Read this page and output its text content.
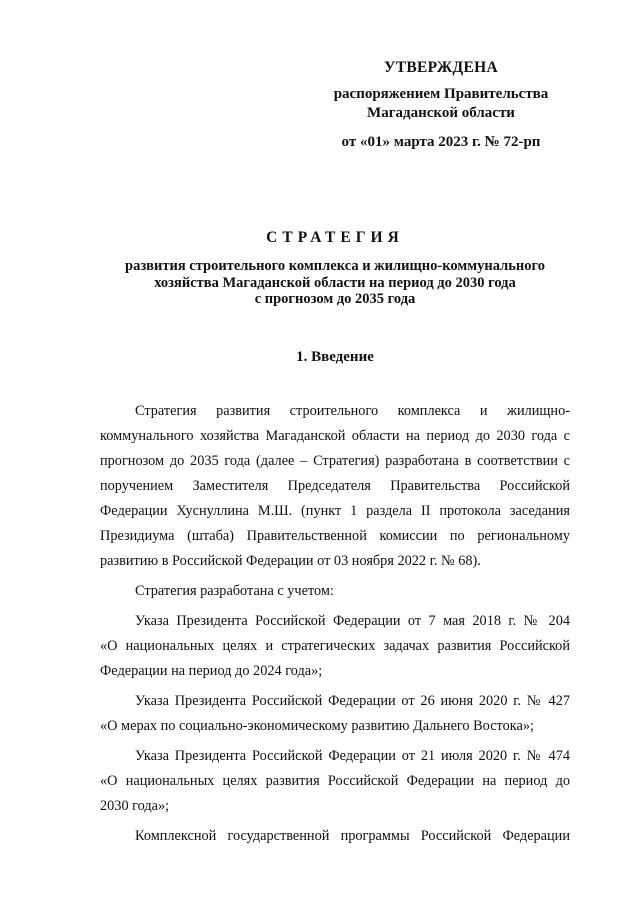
УТВЕРЖДЕНА
распоряжением Правительства
Магаданской области
от «01» марта 2023 г. № 72-рп
СТРАТЕГИЯ
развития строительного комплекса и жилищно-коммунального
хозяйства Магаданской области на период до 2030 года
с прогнозом до 2035 года
1. Введение
Стратегия развития строительного комплекса и жилищно-
коммунального хозяйства Магаданской области на период до 2030 года с
прогнозом до 2035 года (далее – Стратегия) разработана в соответствии с
поручением Заместителя Председателя Правительства Российской
Федерации Хуснуллина М.Ш. (пункт 1 раздела II протокола заседания
Президиума (штаба) Правительственной комиссии по региональному
развитию в Российской Федерации от 03 ноября 2022 г. № 68).
Стратегия разработана с учетом:
Указа Президента Российской Федерации от 7 мая 2018 г. № 204
«О национальных целях и стратегических задачах развития Российской
Федерации на период до 2024 года»;
Указа Президента Российской Федерации от 26 июня 2020 г. № 427
«О мерах по социально-экономическому развитию Дальнего Востока»;
Указа Президента Российской Федерации от 21 июля 2020 г. № 474
«О национальных целях развития Российской Федерации на период до
2030 года»;
Комплексной государственной программы Российской Федерации
